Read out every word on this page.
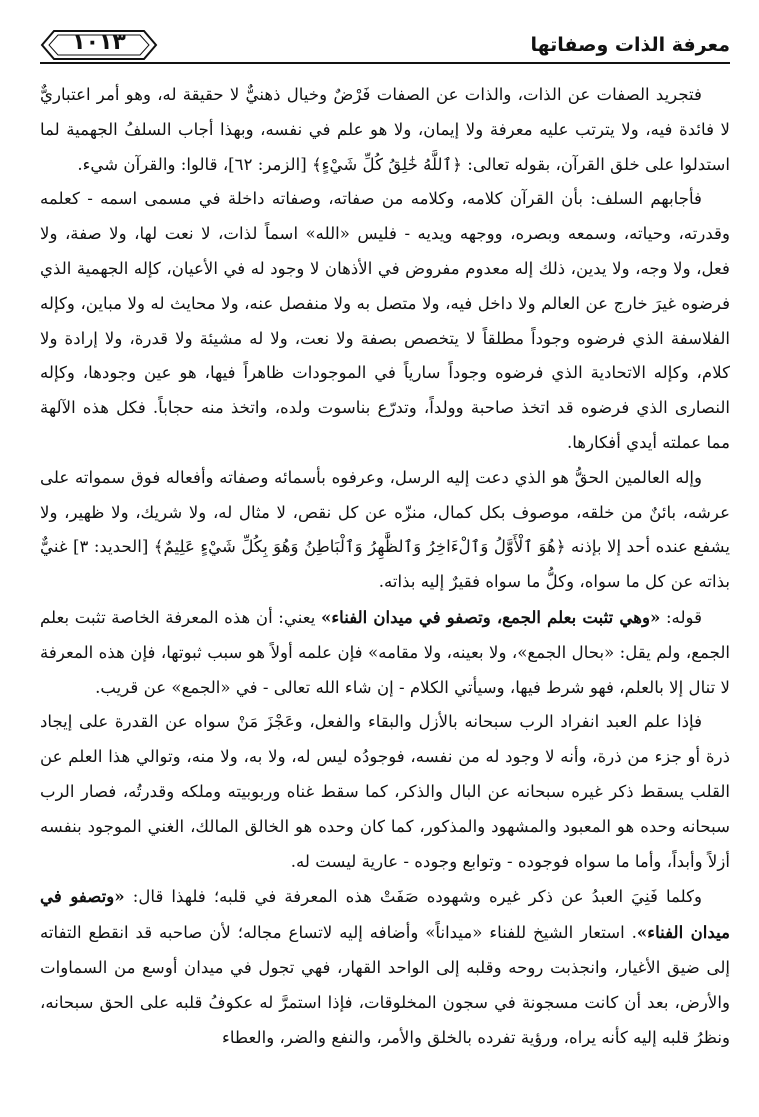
معرفة الذات وصفاتها
١٠١٣

فتجريد الصفات عن الذات، والذات عن الصفات فَرْضٌ وخيال ذهنيٌّ لا حقيقة له، وهو أمر اعتباريٌّ لا فائدة فيه، ولا يترتب عليه معرفة ولا إيمان، ولا هو علم في نفسه، وبهذا أجاب السلفُ الجهمية لما استدلوا على خلق القرآن، بقوله تعالى: ﴿ٱللَّهُ خَٰلِقُ كُلِّ شَيْءٍ﴾ [الزمر: ٦٢]، قالوا: والقرآن شيء.

فأجابهم السلف: بأن القرآن كلامه، وكلامه من صفاته، وصفاته داخلة في مسمى اسمه - كعلمه وقدرته، وحياته، وسمعه وبصره، ووجهه ويديه - فليس «الله» اسماً لذات، لا نعت لها، ولا صفة، ولا فعل، ولا وجه، ولا يدين، ذلك إله معدوم مفروض في الأذهان لا وجود له في الأعيان، كإله الجهمية الذي فرضوه غيرَ خارج عن العالم ولا داخل فيه، ولا متصل به ولا منفصل عنه، ولا محايث له ولا مباين، وكإله الفلاسفة الذي فرضوه وجوداً مطلقاً لا يتخصص بصفة ولا نعت، ولا له مشيئة ولا قدرة، ولا إرادة ولا كلام، وكإله الاتحادية الذي فرضوه وجوداً سارياً في الموجودات ظاهراً فيها، هو عين وجودها، وكإله النصارى الذي فرضوه قد اتخذ صاحبة وولداً، وتدرّع بناسوت ولده، واتخذ منه حجاباً. فكل هذه الآلهة مما عملته أيدي أفكارها.

وإله العالمين الحقُّ هو الذي دعت إليه الرسل، وعرفوه بأسمائه وصفاته وأفعاله فوق سمواته على عرشه، بائنٌ من خلقه، موصوف بكل كمال، منزّه عن كل نقص، لا مثال له، ولا شريك، ولا ظهير، ولا يشفع عنده أحد إلا بإذنه ﴿هُوَ ٱلْأَوَّلُ وَٱلْءَاخِرُ وَٱلظَّٰهِرُ وَٱلْبَاطِنُ وَهُوَ بِكُلِّ شَيْءٍ عَلِيمٌ﴾ [الحديد: ٣] غنيٌّ بذاته عن كل ما سواه، وكلُّ ما سواه فقيرٌ إليه بذاته.

قوله: «وهي تثبت بعلم الجمع، وتصفو في ميدان الفناء» يعني: أن هذه المعرفة الخاصة تثبت بعلم الجمع، ولم يقل: «بحال الجمع»، ولا بعينه، ولا مقامه» فإن علمه أولاً هو سبب ثبوتها، فإن هذه المعرفة لا تنال إلا بالعلم، فهو شرط فيها، وسيأتي الكلام - إن شاء الله تعالى - في «الجمع» عن قريب.

فإذا علم العبد انفراد الرب سبحانه بالأزل والبقاء والفعل، وعَجْزَ مَنْ سواه عن القدرة على إيجاد ذرة أو جزء من ذرة، وأنه لا وجود له من نفسه، فوجودُه ليس له، ولا به، ولا منه، وتوالي هذا العلم عن القلب يسقط ذكر غيره سبحانه عن البال والذكر، كما سقط غناه وربوبيته وملكه وقدرتُه، فصار الرب سبحانه وحده هو المعبود والمشهود والمذكور، كما كان وحده هو الخالق المالك، الغني الموجود بنفسه أزلاً وأبداً، وأما ما سواه فوجوده - وتوابع وجوده - عارية ليست له.

وكلما فَنِيَ العبدُ عن ذكر غيره وشهوده صَفَتْ هذه المعرفة في قلبه؛ فلهذا قال: «وتصفو في ميدان الفناء». استعار الشيخ للفناء «ميداناً» وأضافه إليه لاتساع مجاله؛ لأن صاحبه قد انقطع التفاته إلى ضيق الأغيار، وانجذبت روحه وقلبه إلى الواحد القهار، فهي تجول في ميدان أوسع من السماوات والأرض، بعد أن كانت مسجونة في سجون المخلوقات، فإذا استمرَّ له عكوفُ قلبه على الحق سبحانه، ونظرُ قلبه إليه كأنه يراه، ورؤية تفرده بالخلق والأمر، والنفع والضر، والعطاء
